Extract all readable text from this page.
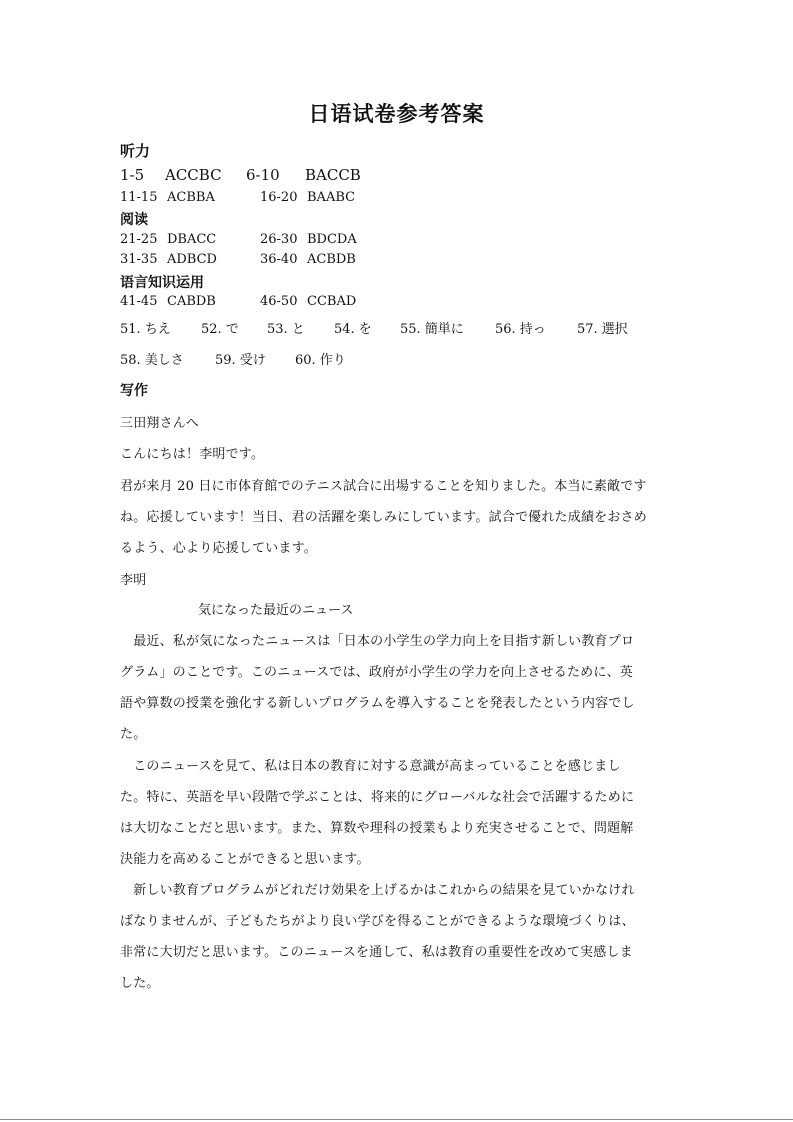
日语试卷参考答案
听力
1-5 ACCBC 6-10 BACCB
11-15 ACBBA	16-20 BAABC
阅读
21-25 DBACC	26-30 BDCDA
31-35 ADBCD	36-40 ACBDB
语言知识运用
41-45 CABDB	46-50 CCBAD
51. ちえ 52. で 53. と 54. を 55. 簡単に 56. 持っ 57. 選択
58. 美しさ 59. 受け 60. 作り
写作
三田翔さんへ
こんにちは！李明です。
君が来月 20 日に市体育館でのテニス試合に出場することを知りました。本当に素敵です
ね。応援しています！当日、君の活躍を楽しみにしています。試合で優れた成績をおさめ
るよう、心より応援しています。
李明
気になった最近のニュース
　最近、私が気になったニュースは「日本の小学生の学力向上を目指す新しい教育プロ
グラム」のことです。このニュースでは、政府が小学生の学力を向上させるために、英
語や算数の授業を強化する新しいプログラムを導入することを発表したという内容でし
た。
　このニュースを見て、私は日本の教育に対する意識が高まっていることを感じまし
た。特に、英語を早い段階で学ぶことは、将来的にグローバルな社会で活躍するために
は大切なことだと思います。また、算数や理科の授業もより充実させることで、問題解
決能力を高めることができると思います。
　新しい教育プログラムがどれだけ効果を上げるかはこれからの結果を見ていかなけれ
ばなりませんが、子どもたちがより良い学びを得ることができるような環境づくりは、
非常に大切だと思います。このニュースを通して、私は教育の重要性を改めて実感しま
した。
